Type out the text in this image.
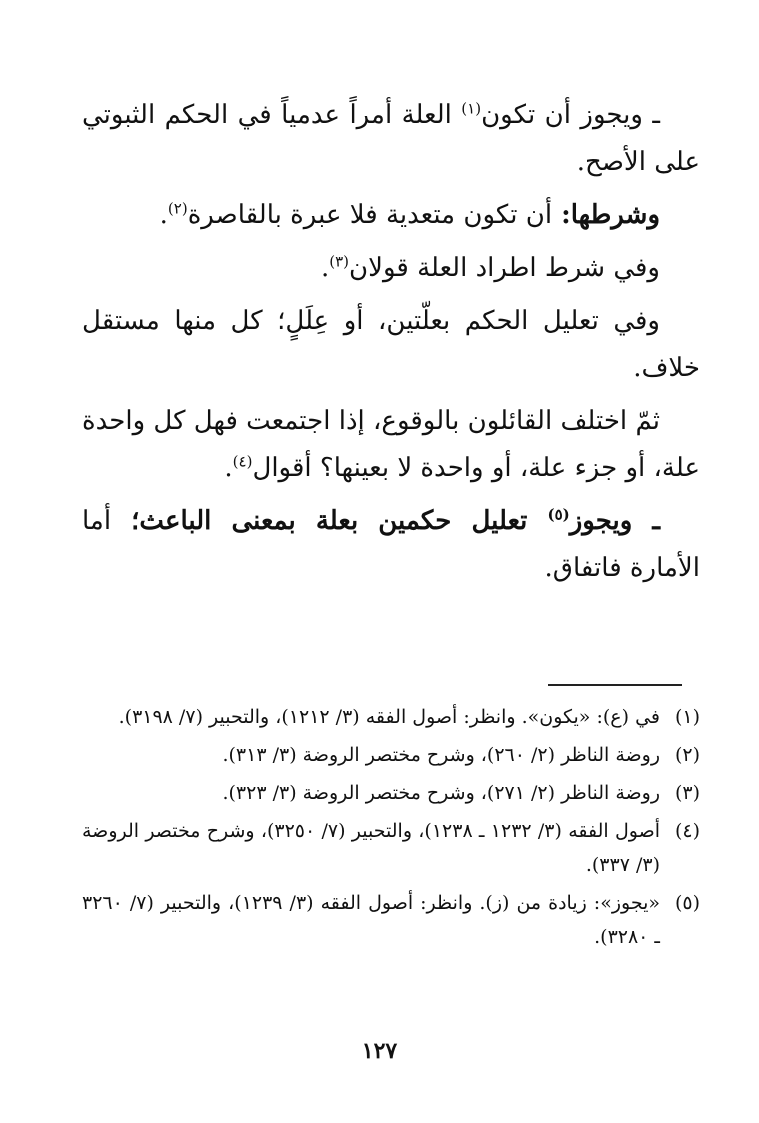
ـ ويجوز أن تكون$^{(١)}$ العلة أمراً عدمياً في الحكم الثبوتي على الأصح.

وشرطها: أن تكون متعدية فلا عبرة بالقاصرة$^{(٢)}$.

وفي شرط اطراد العلة قولان$^{(٣)}$.

وفي تعليل الحكم بعلّتين، أو عِلَلٍ؛ كل منها مستقل خلاف.

ثمّ اختلف القائلون بالوقوع، إذا اجتمعت فهل كل واحدة علة، أو جزء علة، أو واحدة لا بعينها؟ أقوال$^{(٤)}$.

ـ ويجوز$^{(٥)}$ تعليل حكمين بعلة بمعنى الباعث؛ أما الأمارة فاتفاق.

(١)
في (ع): «يكون». وانظر: أصول الفقه (٣/ ١٢١٢)، والتحبير (٧/ ٣١٩٨).
(٢)
روضة الناظر (٢/ ٢٦٠)، وشرح مختصر الروضة (٣/ ٣١٣).
(٣)
روضة الناظر (٢/ ٢٧١)، وشرح مختصر الروضة (٣/ ٣٢٣).
(٤)
أصول الفقه (٣/ ١٢٣٢ ـ ١٢٣٨)، والتحبير (٧/ ٣٢٥٠)، وشرح مختصر الروضة (٣/ ٣٣٧).
(٥)
«يجوز»: زيادة من (ز). وانظر: أصول الفقه (٣/ ١٢٣٩)، والتحبير (٧/ ٣٢٦٠ ـ ٣٢٨٠).
١٢٧
